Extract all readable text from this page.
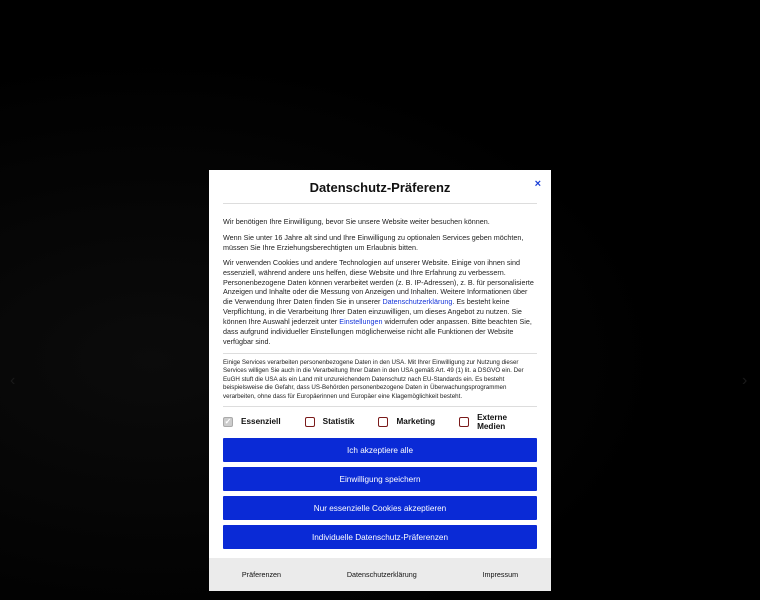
‹	›
Datenschutz-Präferenz	×

Wir benötigen Ihre Einwilligung, bevor Sie unsere Website weiter besuchen können.

Wenn Sie unter 16 Jahre alt sind und Ihre Einwilligung zu optionalen Services geben möchten, müssen Sie Ihre Erziehungsberechtigten um Erlaubnis bitten.

Wir verwenden Cookies und andere Technologien auf unserer Website. Einige von ihnen sind essenziell, während andere uns helfen, diese Website und Ihre Erfahrung zu verbessern. Personenbezogene Daten können verarbeitet werden (z. B. IP-Adressen), z. B. für personalisierte Anzeigen und Inhalte oder die Messung von Anzeigen und Inhalten. Weitere Informationen über die Verwendung Ihrer Daten finden Sie in unserer Datenschutzerklärung. Es besteht keine Verpflichtung, in die Verarbeitung Ihrer Daten einzuwilligen, um dieses Angebot zu nutzen. Sie können Ihre Auswahl jederzeit unter Einstellungen widerrufen oder anpassen. Bitte beachten Sie, dass aufgrund individueller Einstellungen möglicherweise nicht alle Funktionen der Website verfügbar sind.

Einige Services verarbeiten personenbezogene Daten in den USA. Mit Ihrer Einwilligung zur Nutzung dieser Services willigen Sie auch in die Verarbeitung Ihrer Daten in den USA gemäß Art. 49 (1) lit. a DSGVO ein. Der EuGH stuft die USA als ein Land mit unzureichendem Datenschutz nach EU-Standards ein. Es besteht beispielsweise die Gefahr, dass US-Behörden personenbezogene Daten in Überwachungsprogrammen verarbeiten, ohne dass für Europäerinnen und Europäer eine Klagemöglichkeit besteht.

✓ Essenziell	Statistik	Marketing	Externe Medien
Ich akzeptiere alle
Einwilligung speichern
Nur essenzielle Cookies akzeptieren
Individuelle Datenschutz-Präferenzen
Präferenzen	Datenschutzerklärung	Impressum
